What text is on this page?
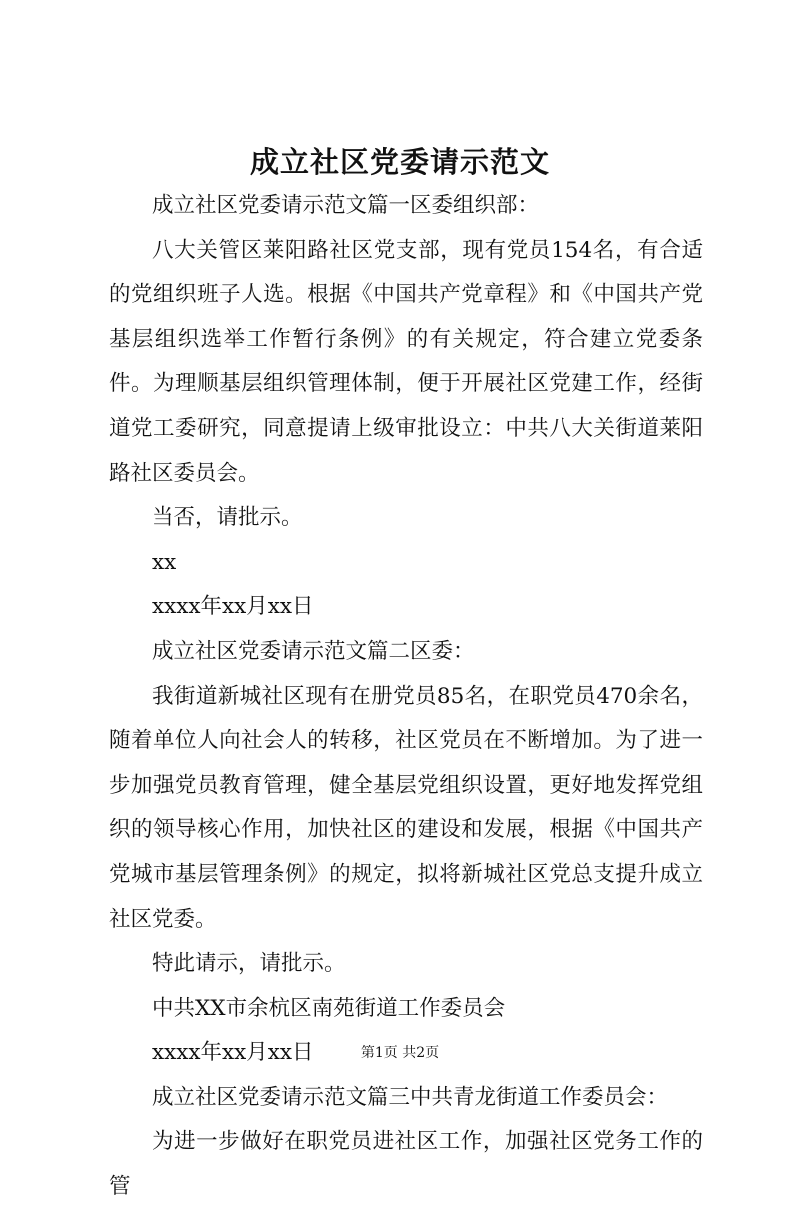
成立社区党委请示范文

成立社区党委请示范文篇一区委组织部：

八大关管区莱阳路社区党支部，现有党员154名，有合适的党组织班子人选。根据《中国共产党章程》和《中国共产党基层组织选举工作暂行条例》的有关规定，符合建立党委条件。为理顺基层组织管理体制，便于开展社区党建工作，经街道党工委研究，同意提请上级审批设立：中共八大关街道莱阳路社区委员会。

当否，请批示。

xx

xxxx年xx月xx日

成立社区党委请示范文篇二区委：

我街道新城社区现有在册党员85名，在职党员470余名，随着单位人向社会人的转移，社区党员在不断增加。为了进一步加强党员教育管理，健全基层党组织设置，更好地发挥党组织的领导核心作用，加快社区的建设和发展，根据《中国共产党城市基层管理条例》的规定，拟将新城社区党总支提升成立社区党委。

特此请示，请批示。

中共XX市余杭区南苑街道工作委员会

xxxx年xx月xx日

成立社区党委请示范文篇三中共青龙街道工作委员会：

为进一步做好在职党员进社区工作，加强社区党务工作的管

第1页 共2页
